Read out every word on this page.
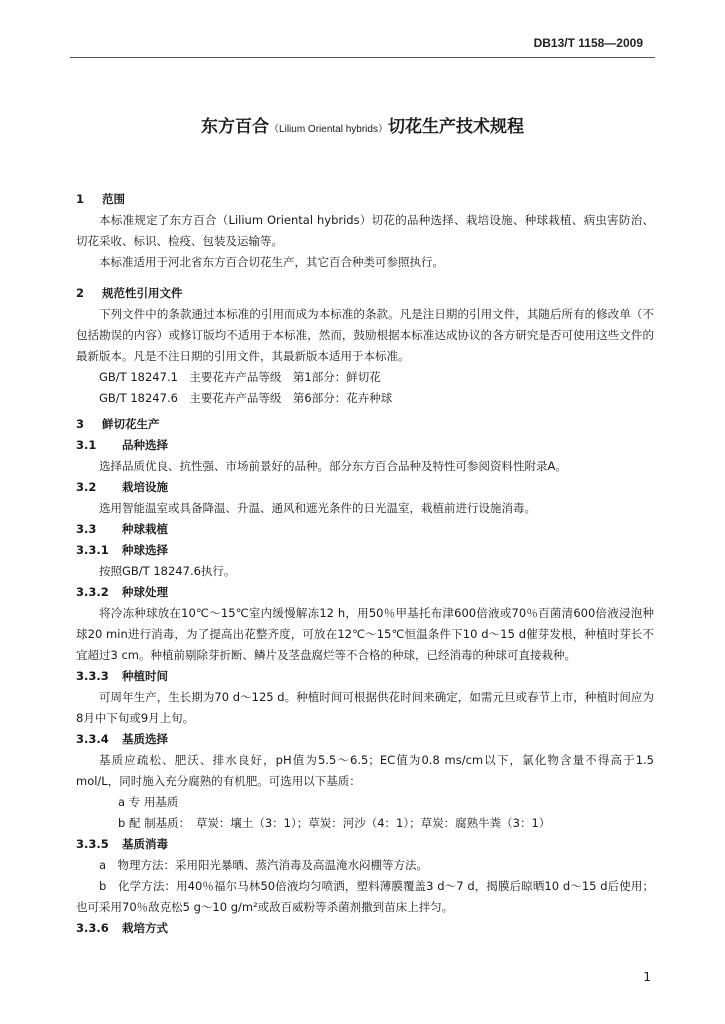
DB13/T 1158—2009
东方百合（Lilium Oriental hybrids）切花生产技术规程
1 范围
本标准规定了东方百合（Lilium Oriental hybrids）切花的品种选择、栽培设施、种球栽植、病虫害防治、切花采收、标识、检疫、包装及运输等。
本标准适用于河北省东方百合切花生产，其它百合种类可参照执行。
2 规范性引用文件
下列文件中的条款通过本标准的引用而成为本标准的条款。凡是注日期的引用文件，其随后所有的修改单（不包括勘误的内容）或修订版均不适用于本标准，然而，鼓励根据本标准达成协议的各方研究是否可使用这些文件的最新版本。凡是不注日期的引用文件，其最新版本适用于本标准。
GB/T 18247.1　主要花卉产品等级　第1部分：鲜切花
GB/T 18247.6　主要花卉产品等级　第6部分：花卉种球
3 鲜切花生产
3.1 品种选择
选择品质优良、抗性强、市场前景好的品种。部分东方百合品种及特性可参阅资料性附录A。
3.2 栽培设施
选用智能温室或具备降温、升温、通风和遮光条件的日光温室，栽植前进行设施消毒。
3.3 种球栽植
3.3.1 种球选择
按照GB/T 18247.6执行。
3.3.2 种球处理
将冷冻种球放在10℃～15℃室内缓慢解冻12 h，用50％甲基托布津600倍液或70％百菌清600倍液浸泡种球20 min进行消毒，为了提高出花整齐度，可放在12℃～15℃恒温条件下10 d～15 d催芽发根，种植时芽长不宜超过3 cm。种植前剔除芽折断、鳞片及茎盘腐烂等不合格的种球，已经消毒的种球可直接栽种。
3.3.3 种植时间
可周年生产，生长期为70 d～125 d。种植时间可根据供花时间来确定，如需元旦或春节上市，种植时间应为8月中下旬或9月上旬。
3.3.4 基质选择
基质应疏松、肥沃、排水良好，pH值为5.5～6.5；EC值为0.8 ms/cm以下，氯化物含量不得高于1.5 mol/L，同时施入充分腐熟的有机肥。可选用以下基质：
a 专 用基质
b 配 制基质：　草炭：壤土（3：1）；草炭：河沙（4：1）；草炭：腐熟牛粪（3：1）
3.3.5 基质消毒
a　物理方法：采用阳光暴晒、蒸汽消毒及高温淹水闷棚等方法。
b　化学方法：用40％福尔马林50倍液均匀喷洒，塑料薄膜覆盖3 d～7 d，揭膜后晾晒10 d～15 d后使用；也可采用70％敌克松5 g～10 g/m²或敌百威粉等杀菌剂撒到苗床上拌匀。
3.3.6 栽培方式
1
